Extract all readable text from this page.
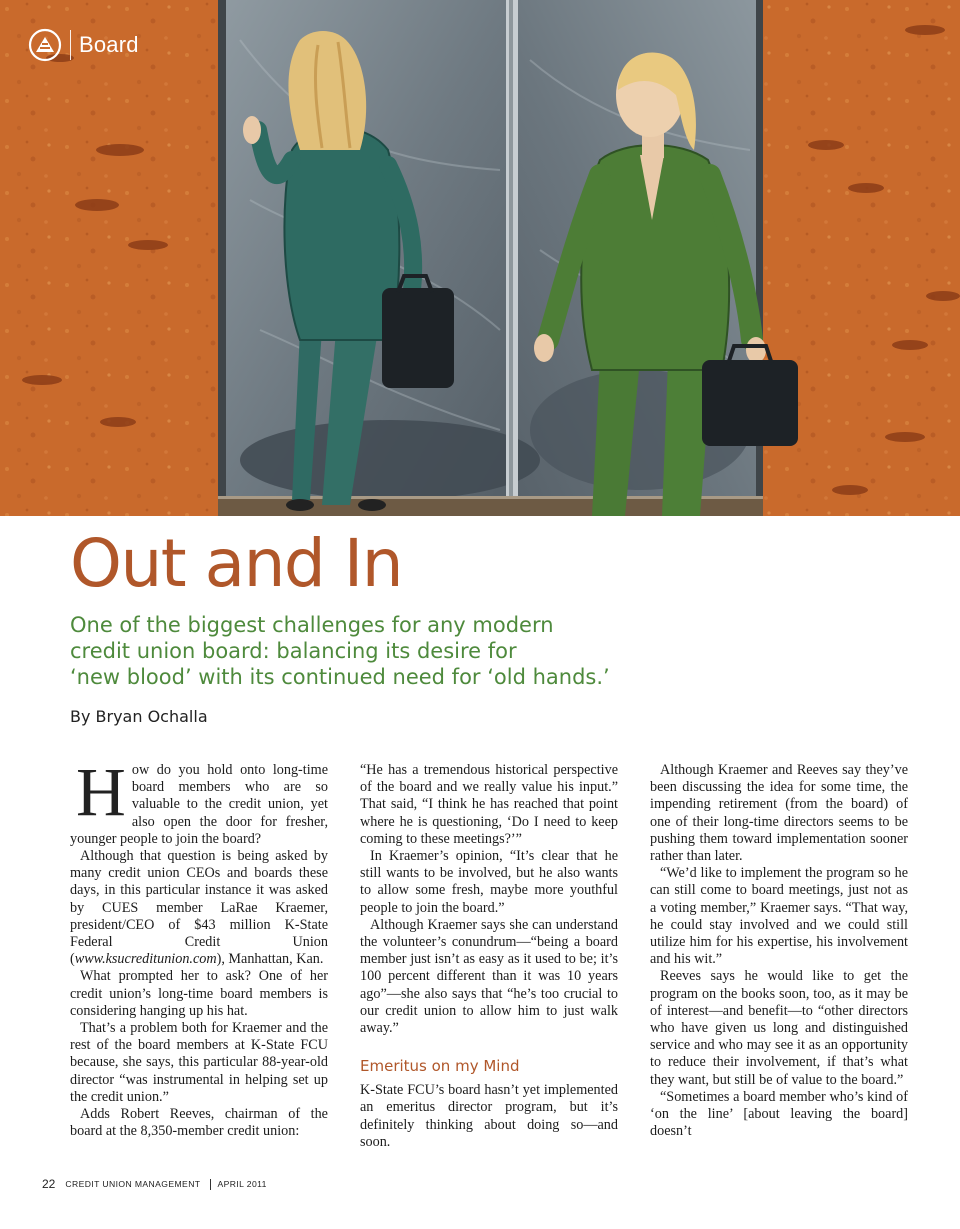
Board
Out and In
One of the biggest challenges for any modern
credit union board: balancing its desire for
‘new blood’ with its continued need for ‘old hands.’
By Bryan Ochalla

How do you hold onto long-time board members who are so valuable to the credit union, yet also open the door for fresher, younger people to join the board?

Although that question is being asked by many credit union CEOs and boards these days, in this particular instance it was asked by CUES member LaRae Kraemer, president/CEO of $43 million K-State Federal Credit Union (www.ksucreditunion.com), Manhattan, Kan.

What prompted her to ask? One of her credit union’s long-time board members is considering hanging up his hat.

That’s a problem both for Kraemer and the rest of the board members at K-State FCU because, she says, this particular 88-year-old director “was instrumental in helping set up the credit union.”

Adds Robert Reeves, chairman of the board at the 8,350-member credit union:

“He has a tremendous historical perspective of the board and we really value his input.” That said, “I think he has reached that point where he is questioning, ‘Do I need to keep coming to these meetings?’”

In Kraemer’s opinion, “It’s clear that he still wants to be involved, but he also wants to allow some fresh, maybe more youthful people to join the board.”

Although Kraemer says she can understand the volunteer’s conundrum—“being a board member just isn’t as easy as it used to be; it’s 100 percent different than it was 10 years ago”—she also says that “he’s too crucial to our credit union to allow him to just walk away.”

Emeritus on my Mind

K-State FCU’s board hasn’t yet implemented an emeritus director program, but it’s definitely thinking about doing so—and soon.

Although Kraemer and Reeves say they’ve been discussing the idea for some time, the impending retirement (from the board) of one of their long-time directors seems to be pushing them toward implementation sooner rather than later.

“We’d like to implement the program so he can still come to board meetings, just not as a voting member,” Kraemer says. “That way, he could stay involved and we could still utilize him for his expertise, his involvement and his wit.”

Reeves says he would like to get the program on the books soon, too, as it may be of interest—and benefit—to “other directors who have given us long and distinguished service and who may see it as an opportunity to reduce their involvement, if that’s what they want, but still be of value to the board.”

“Sometimes a board member who’s kind of ‘on the line’ [about leaving the board] doesn’t

22 CREDIT UNION MANAGEMENT APRIL 2011
